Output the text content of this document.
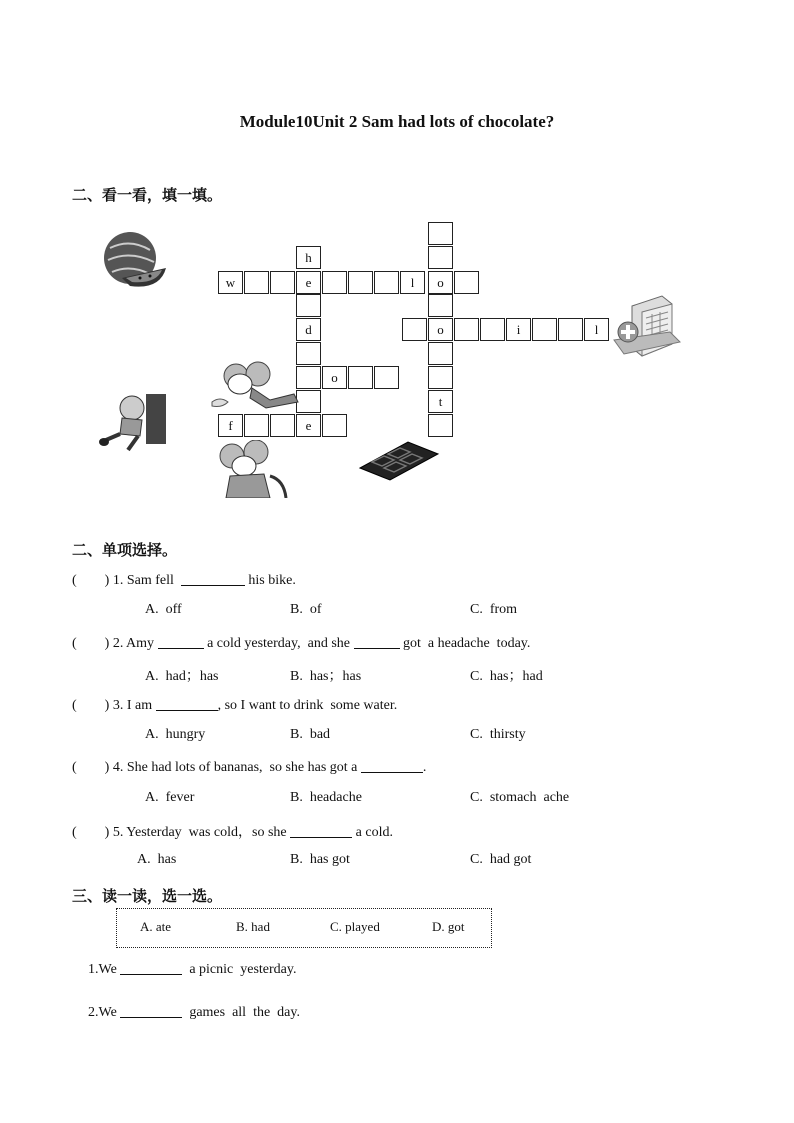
Module10Unit 2 Sam had lots of chocolate?
二、看一看，填一填。
h
e
d
e
w	l	o
o
t
i	l
o
f
二、单项选择。
(        ) 1. Sam fell	his bike.
A.  off	B.  of	C.  from
(        ) 2. Amy	a cold yesterday,  and she	got  a headache  today.
A.  had；has	B.  has；has	C.  has；had
(        ) 3. I am	, so I want to drink  some water.
A.  hungry	B.  bad	C.  thirsty
(        ) 4. She had lots of bananas,  so she has got a	.
A.  fever	B.  headache	C.  stomach  ache
(        ) 5. Yesterday  was cold，so she	a cold.
A.  has	B.  has got	C.  had got
三、读一读，选一选。
A. ate	B. had	C. played	D. got
1.We	a picnic  yesterday.
2.We	games  all  the  day.
